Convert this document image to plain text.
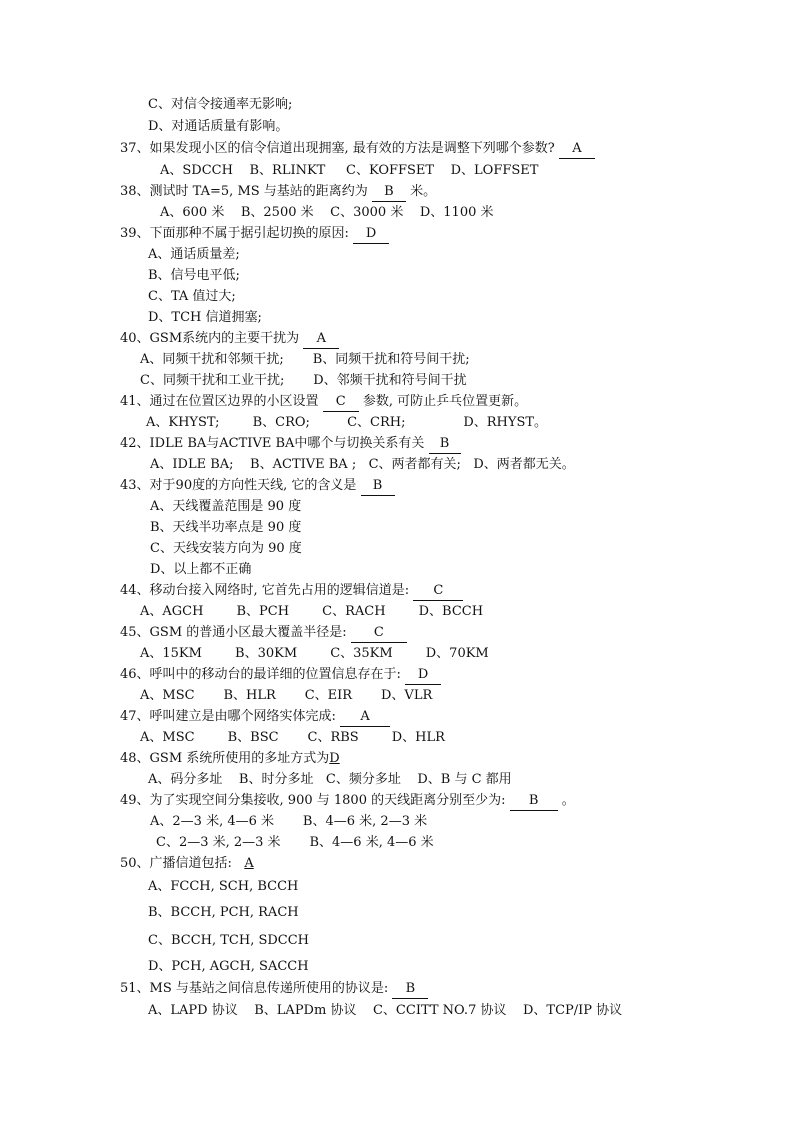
C、对信令接通率无影响;
D、对通话质量有影响。
37、如果发现小区的信令信道出现拥塞, 最有效的方法是调整下列哪个参数? A
A、SDCCH    B、RLINKT     C、KOFFSET    D、LOFFSET
38、测试时 TA=5, MS 与基站的距离约为 B 米。
A、600 米    B、2500 米    C、3000 米    D、1100 米
39、下面那种不属于据引起切换的原因: D
A、通话质量差;
B、信号电平低;
C、TA 值过大;
D、TCH 信道拥塞;
40、GSM系统内的主要干扰为 A
A、同频干扰和邻频干扰;       B、同频干扰和符号间干扰;
C、同频干扰和工业干扰;       D、邻频干扰和符号间干扰
41、通过在位置区边界的小区设置 C 参数, 可防止乒乓位置更新。
A、KHYST;        B、CRO;         C、CRH;              D、RHYST。
42、IDLE BA与ACTIVE BA中哪个与切换关系有关 B
A、IDLE BA;    B、ACTIVE BA ;   C、两者都有关;   D、两者都无关。
43、对于90度的方向性天线, 它的含义是 B
A、天线覆盖范围是 90 度
B、天线半功率点是 90 度
C、天线安装方向为 90 度
D、以上都不正确
44、移动台接入网络时, 它首先占用的逻辑信道是: C
A、AGCH        B、PCH        C、RACH        D、BCCH
45、GSM 的普通小区最大覆盖半径是: C
A、15KM        B、30KM        C、35KM        D、70KM
46、呼叫中的移动台的最详细的位置信息存在于: D
A、MSC       B、HLR       C、EIR       D、VLR
47、呼叫建立是由哪个网络实体完成: A
A、MSC        B、BSC       C、RBS        D、HLR
48、GSM 系统所使用的多址方式为D
A、码分多址    B、时分多址   C、频分多址    D、B 与 C 都用
49、为了实现空间分集接收, 900 与 1800 的天线距离分别至少为: B 。
A、2—3 米, 4—6 米       B、4—6 米, 2—3 米
C、2—3 米, 2—3 米       B、4—6 米, 4—6 米
50、广播信道包括: A
A、FCCH, SCH, BCCH
B、BCCH, PCH, RACH
C、BCCH, TCH, SDCCH
D、PCH, AGCH, SACCH
51、MS 与基站之间信息传递所使用的协议是: B
A、LAPD 协议    B、LAPDm 协议    C、CCITT NO.7 协议    D、TCP/IP 协议
